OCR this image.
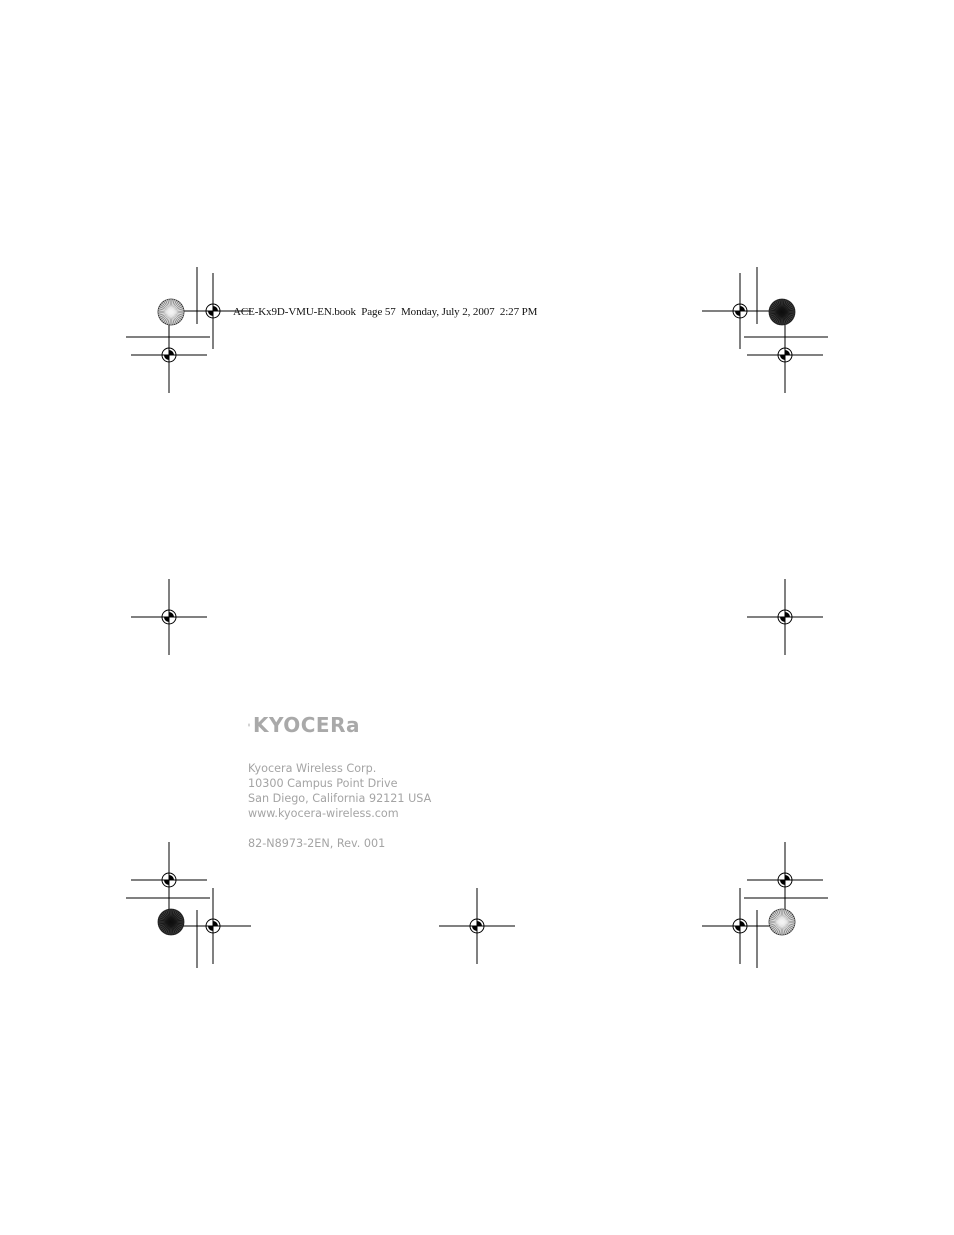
ACE-Kx9D-VMU-EN.book  Page 57  Monday, July 2, 2007  2:27 PM
KYOCERa
Kyocera Wireless Corp.
10300 Campus Point Drive
San Diego, California 92121 USA
www.kyocera-wireless.com
82-N8973-2EN, Rev. 001
